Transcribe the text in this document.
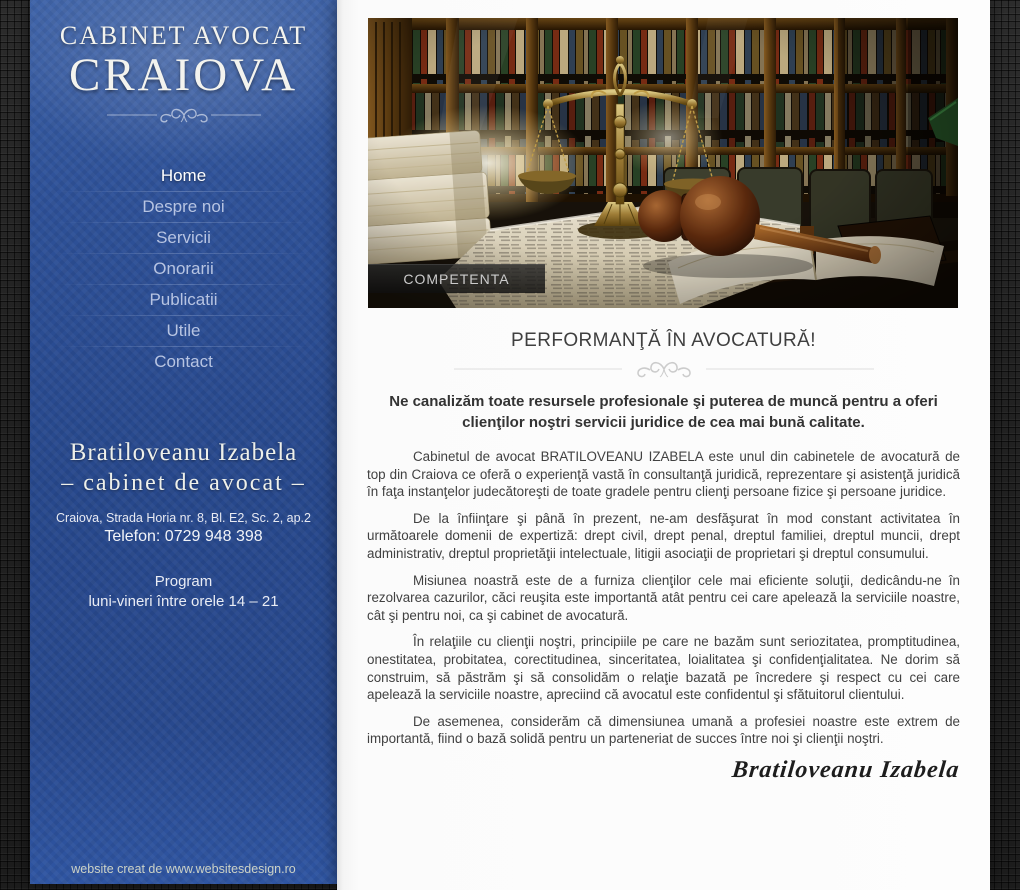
CABINET AVOCAT
CRAIOVA
Home
Despre noi
Servicii
Onorarii
Publicatii
Utile
Contact
Bratiloveanu Izabela
– cabinet de avocat –
Craiova, Strada Horia nr. 8, Bl. E2, Sc. 2, ap.2
Telefon: 0729 948 398
Program
luni-vineri între orele 14 – 21
website creat de www.websitesdesign.ro
COMPETENTA
PERFORMANŢĂ ÎN AVOCATURĂ!
Ne canalizăm toate resursele profesionale şi puterea de muncă pentru a oferi clienţilor noştri servicii juridice de cea mai bună calitate.

Cabinetul de avocat BRATILOVEANU IZABELA este unul din cabinetele de avocatură de top din Craiova ce oferă o experienţă vastă în consultanţă juridică, reprezentare şi asistenţă juridică în faţa instanţelor judecătoreşti de toate gradele pentru clienţi persoane fizice şi persoane juridice.

De la înfiinţare şi până în prezent, ne-am desfăşurat în mod constant activitatea în următoarele domenii de expertiză: drept civil, drept penal, dreptul familiei, dreptul muncii, drept administrativ, dreptul proprietăţii intelectuale, litigii asociaţii de proprietari şi dreptul consumului.

Misiunea noastră este de a furniza clienţilor cele mai eficiente soluţii, dedicându-ne în rezolvarea cazurilor, căci reuşita este importantă atât pentru cei care apelează la serviciile noastre, cât şi pentru noi, ca şi cabinet de avocatură.

În relaţiile cu clienţii noştri, principiile pe care ne bazăm sunt seriozitatea, promptitudinea, onestitatea, probitatea, corectitudinea, sinceritatea, loialitatea şi confidenţialitatea. Ne dorim să construim, să păstrăm şi să consolidăm o relaţie bazată pe încredere şi respect cu cei care apelează la serviciile noastre, apreciind că avocatul este confidentul şi sfătuitorul clientului.

De asemenea, considerăm că dimensiunea umană a profesiei noastre este extrem de importantă, fiind o bază solidă pentru un parteneriat de succes între noi şi clienţii noştri.

Bratiloveanu Izabela
